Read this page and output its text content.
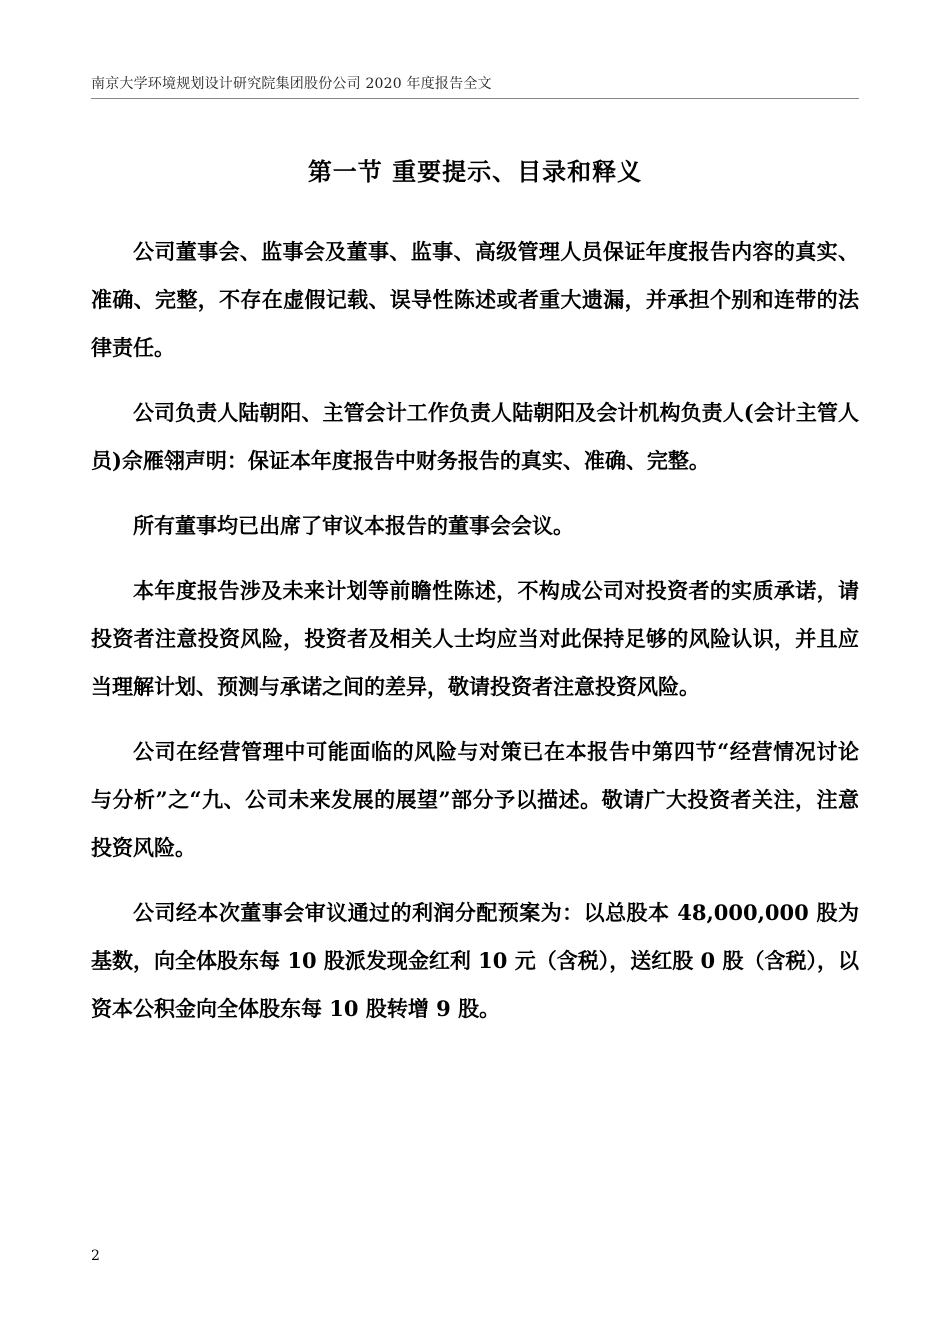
南京大学环境规划设计研究院集团股份公司 2020 年度报告全文
第一节 重要提示、目录和释义

公司董事会、监事会及董事、监事、高级管理人员保证年度报告内容的真实、准确、完整，不存在虚假记载、误导性陈述或者重大遗漏，并承担个别和连带的法律责任。

公司负责人陆朝阳、主管会计工作负责人陆朝阳及会计机构负责人(会计主管人员)佘雁翎声明：保证本年度报告中财务报告的真实、准确、完整。

所有董事均已出席了审议本报告的董事会会议。

本年度报告涉及未来计划等前瞻性陈述，不构成公司对投资者的实质承诺，请投资者注意投资风险，投资者及相关人士均应当对此保持足够的风险认识，并且应当理解计划、预测与承诺之间的差异，敬请投资者注意投资风险。

公司在经营管理中可能面临的风险与对策已在本报告中第四节“经营情况讨论与分析”之“九、公司未来发展的展望”部分予以描述。敬请广大投资者关注，注意投资风险。

公司经本次董事会审议通过的利润分配预案为：以总股本 48,000,000 股为基数，向全体股东每 10 股派发现金红利 10 元（含税），送红股 0 股（含税），以资本公积金向全体股东每 10 股转增 9 股。

2
